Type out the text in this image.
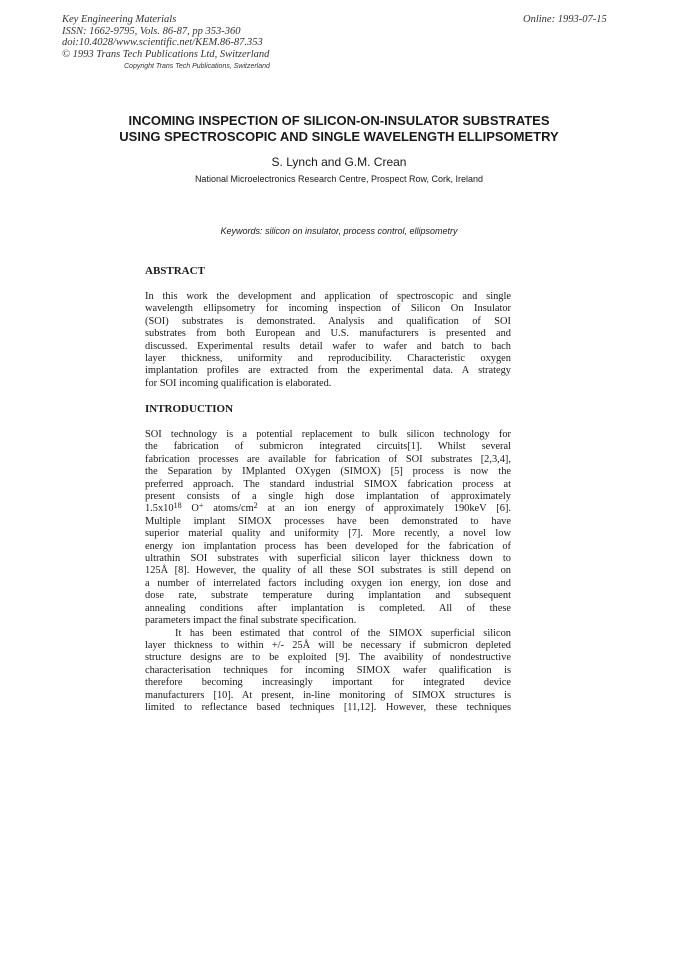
Key Engineering Materials
ISSN: 1662-9795, Vols. 86-87, pp 353-360
doi:10.4028/www.scientific.net/KEM.86-87.353
© 1993 Trans Tech Publications Ltd, Switzerland
Online: 1993-07-15
Copyright Trans Tech Publications, Switzerland
INCOMING INSPECTION OF SILICON-ON-INSULATOR SUBSTRATES
USING SPECTROSCOPIC AND SINGLE WAVELENGTH ELLIPSOMETRY
S. Lynch and G.M. Crean
National Microelectronics Research Centre, Prospect Row, Cork, Ireland
Keywords: silicon on insulator, process control, ellipsometry
ABSTRACT
In this work the development and application of spectroscopic and single
wavelength ellipsometry for incoming inspection of Silicon On Insulator
(SOI) substrates is demonstrated. Analysis and qualification of SOI
substrates from both European and U.S. manufacturers is presented and
discussed. Experimental results detail wafer to wafer and batch to bach
layer thickness, uniformity and reproducibility. Characteristic oxygen
implantation profiles are extracted from the experimental data. A strategy
for SOI incoming qualification is elaborated.
INTRODUCTION
SOI technology is a potential replacement to bulk silicon technology for
the fabrication of submicron integrated circuits[1]. Whilst several
fabrication processes are available for fabrication of SOI substrates [2,3,4],
the Separation by IMplanted OXygen (SIMOX) [5] process is now the
preferred approach. The standard industrial SIMOX fabrication process at
present consists of a single high dose implantation of approximately
$1.5x10^{18}$ O+ atoms/$cm^2$ at an ion energy of approximately 190keV [6].
Multiple implant SIMOX processes have been demonstrated to have
superior material quality and uniformity [7]. More recently, a novel low
energy ion implantation process has been developed for the fabrication of
ultrathin SOI substrates with superficial silicon layer thickness down to
125Å [8]. However, the quality of all these SOI substrates is still depend on
a number of interrelated factors including oxygen ion energy, ion dose and
dose rate, substrate temperature during implantation and subsequent
annealing conditions after implantation is completed. All of these
parameters impact the final substrate specification.
It has been estimated that control of the SIMOX superficial silicon
layer thickness to within +/- 25Å will be necessary if submicron depleted
structure designs are to be exploited [9]. The avaibility of nondestructive
characterisation techniques for incoming SIMOX wafer qualification is
therefore becoming increasingly important for integrated device
manufacturers [10]. At present, in-line monitoring of SIMOX structures is
limited to reflectance based techniques [11,12]. However, these techniques
